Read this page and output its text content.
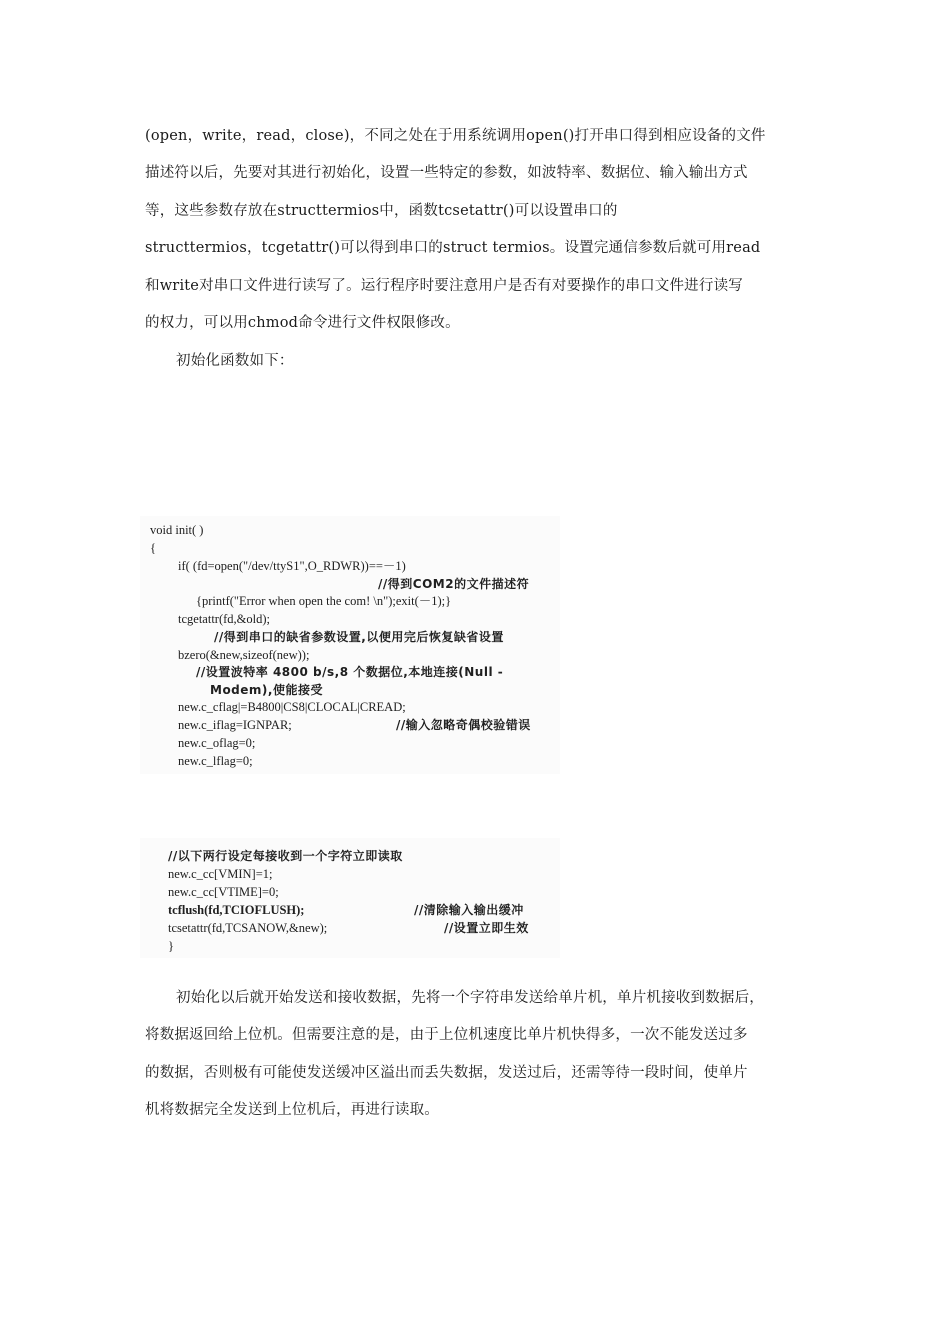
(open，write，read，close)，不同之处在于用系统调用open()打开串口得到相应设备的文件
描述符以后，先要对其进行初始化，设置一些特定的参数，如波特率、数据位、输入输出方式
等，这些参数存放在structtermios中，函数tcsetattr()可以设置串口的
structtermios，tcgetattr()可以得到串口的struct termios。设置完通信参数后就可用read
和write对串口文件进行读写了。运行程序时要注意用户是否有对要操作的串口文件进行读写
的权力，可以用chmod命令进行文件权限修改。
初始化函数如下：
void init( )
{
if( (fd=open("/dev/ttyS1",O_RDWR))==－1)
//得到COM2的文件描述符
{printf("Error when open the com! \n");exit(－1);}
tcgetattr(fd,&old);
//得到串口的缺省参数设置,以便用完后恢复缺省设置
bzero(&new,sizeof(new));
//设置波特率 4800 b/s,8 个数据位,本地连接(Null -
Modem),使能接受
new.c_cflag|=B4800|CS8|CLOCAL|CREAD;
new.c_iflag=IGNPAR;	//输入忽略奇偶校验错误
new.c_oflag=0;
new.c_lflag=0;
//以下两行设定每接收到一个字符立即读取
new.c_cc[VMIN]=1;
new.c_cc[VTIME]=0;
tcflush(fd,TCIOFLUSH);	//清除输入输出缓冲
tcsetattr(fd,TCSANOW,&new);	//设置立即生效
}
初始化以后就开始发送和接收数据，先将一个字符串发送给单片机，单片机接收到数据后，
将数据返回给上位机。但需要注意的是，由于上位机速度比单片机快得多，一次不能发送过多
的数据，否则极有可能使发送缓冲区溢出而丢失数据，发送过后，还需等待一段时间，使单片
机将数据完全发送到上位机后，再进行读取。
